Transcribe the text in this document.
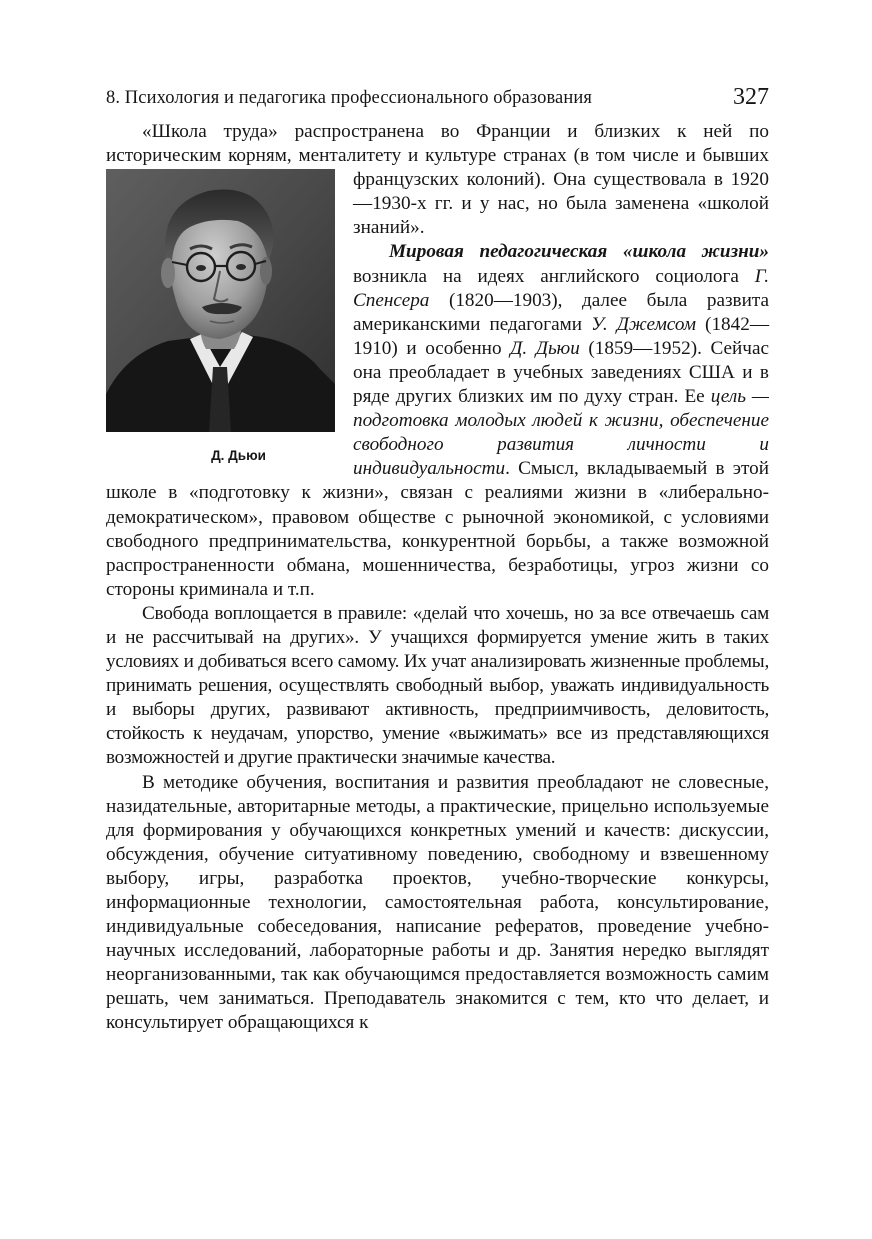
8. Психология и педагогика профессионального образования	327

«Школа труда» распространена во Франции и близких к ней по историческим корням, менталитету и культуре странах (в том числе
Д. Дьюи
и бывших французских колоний). Она существовала в 1920—1930-х гг. и у нас, но была заменена «школой знаний».

Мировая педагогическая «школа жизни» возникла на идеях английского социолога Г. Спенсера (1820—1903), далее была развита американскими педагогами У. Джемсом (1842—1910) и особенно Д. Дьюи (1859—1952). Сейчас она преобладает в учебных заведениях США и в ряде других близких им по духу стран. Ее цель — подготовка молодых людей к жизни, обеспечение свободного развития личности и индивидуальности. Смысл, вкладываемый в этой школе в «подготовку к жизни», связан с реалиями жизни в «либерально-демократическом», правовом обществе с рыночной экономикой, с условиями свободного предпринимательства, конкурентной борьбы, а также возможной распространенности обмана, мошенничества, безработицы, угроз жизни со стороны криминала и т.п.

Свобода воплощается в правиле: «делай что хочешь, но за все отвечаешь сам и не рассчитывай на других». У учащихся формируется умение жить в таких условиях и добиваться всего самому. Их учат анализировать жизненные проблемы, принимать решения, осуществлять свободный выбор, уважать индивидуальность и выборы других, развивают активность, предприимчивость, деловитость, стойкость к неудачам, упорство, умение «выжимать» все из представляющихся возможностей и другие практически значимые качества.

В методике обучения, воспитания и развития преобладают не словесные, назидательные, авторитарные методы, а практические, прицельно используемые для формирования у обучающихся конкретных умений и качеств: дискуссии, обсуждения, обучение ситуативному поведению, свободному и взвешенному выбору, игры, разработка проектов, учебно-творческие конкурсы, информационные технологии, самостоятельная работа, консультирование, индивидуальные собеседования, написание рефератов, проведение учебно-научных исследований, лабораторные работы и др. Занятия нередко выглядят неорганизованными, так как обучающимся предоставляется возможность самим решать, чем заниматься. Преподаватель знакомится с тем, кто что делает, и консультирует обращающихся к
